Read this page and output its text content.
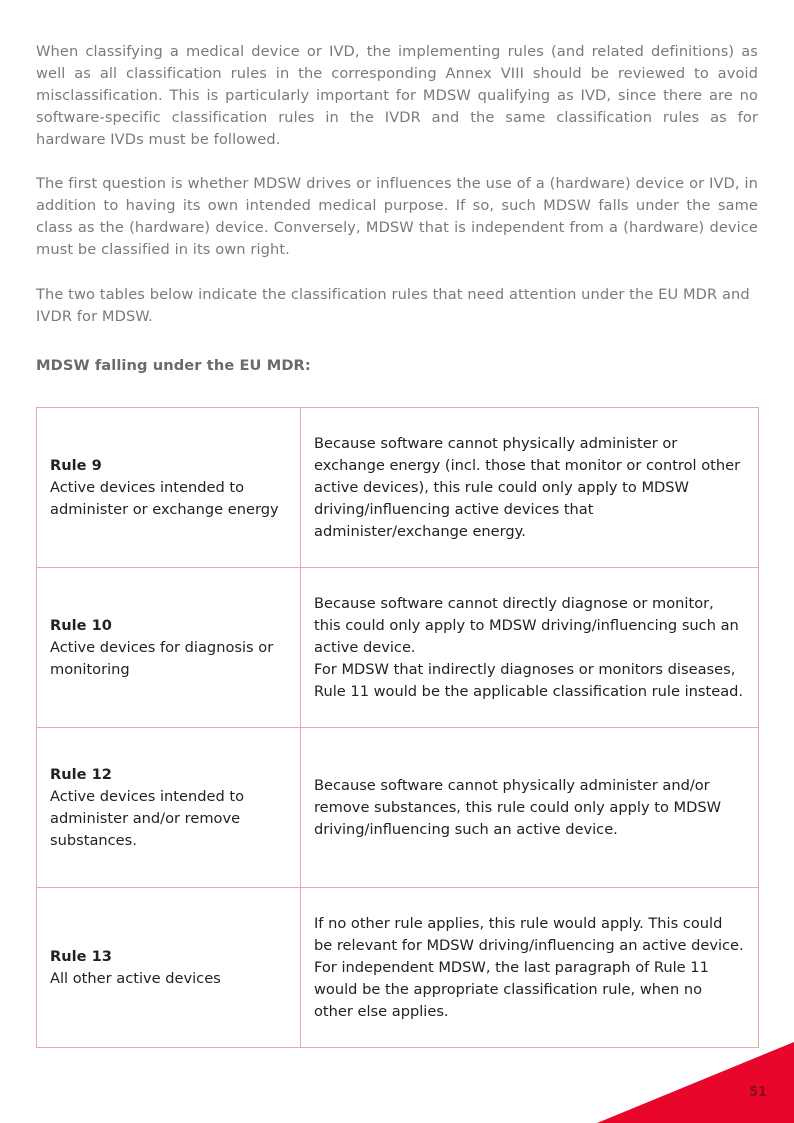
When classifying a medical device or IVD, the implementing rules (and related definitions) as well as all classification rules in the corresponding Annex VIII should be reviewed to avoid misclassification. This is particularly important for MDSW qualifying as IVD, since there are no software-specific classification rules in the IVDR and the same classification rules as for hardware IVDs must be followed.

The first question is whether MDSW drives or influences the use of a (hardware) device or IVD, in addition to having its own intended medical purpose. If so, such MDSW falls under the same class as the (hardware) device. Conversely, MDSW that is independent from a (hardware) device must be classified in its own right.

The two tables below indicate the classification rules that need attention under the EU MDR and IVDR for MDSW.

MDSW falling under the EU MDR:

Rule 9
Active devices intended to administer or exchange energy	Because software cannot physically administer or exchange energy (incl. those that monitor or control other active devices), this rule could only apply to MDSW driving/influencing active devices that administer/exchange energy.

Rule 10
Active devices for diagnosis or monitoring	Because software cannot directly diagnose or monitor, this could only apply to MDSW driving/influencing such an active device.
For MDSW that indirectly diagnoses or monitors diseases, Rule 11 would be the applicable classification rule instead.

Rule 12
Active devices intended to administer and/or remove substances.	Because software cannot physically administer and/or remove substances, this rule could only apply to MDSW driving/influencing such an active device.

Rule 13
All other active devices	If no other rule applies, this rule would apply. This could be relevant for MDSW driving/influencing an active device.
For independent MDSW, the last paragraph of Rule 11 would be the appropriate classification rule, when no other else applies.
51
